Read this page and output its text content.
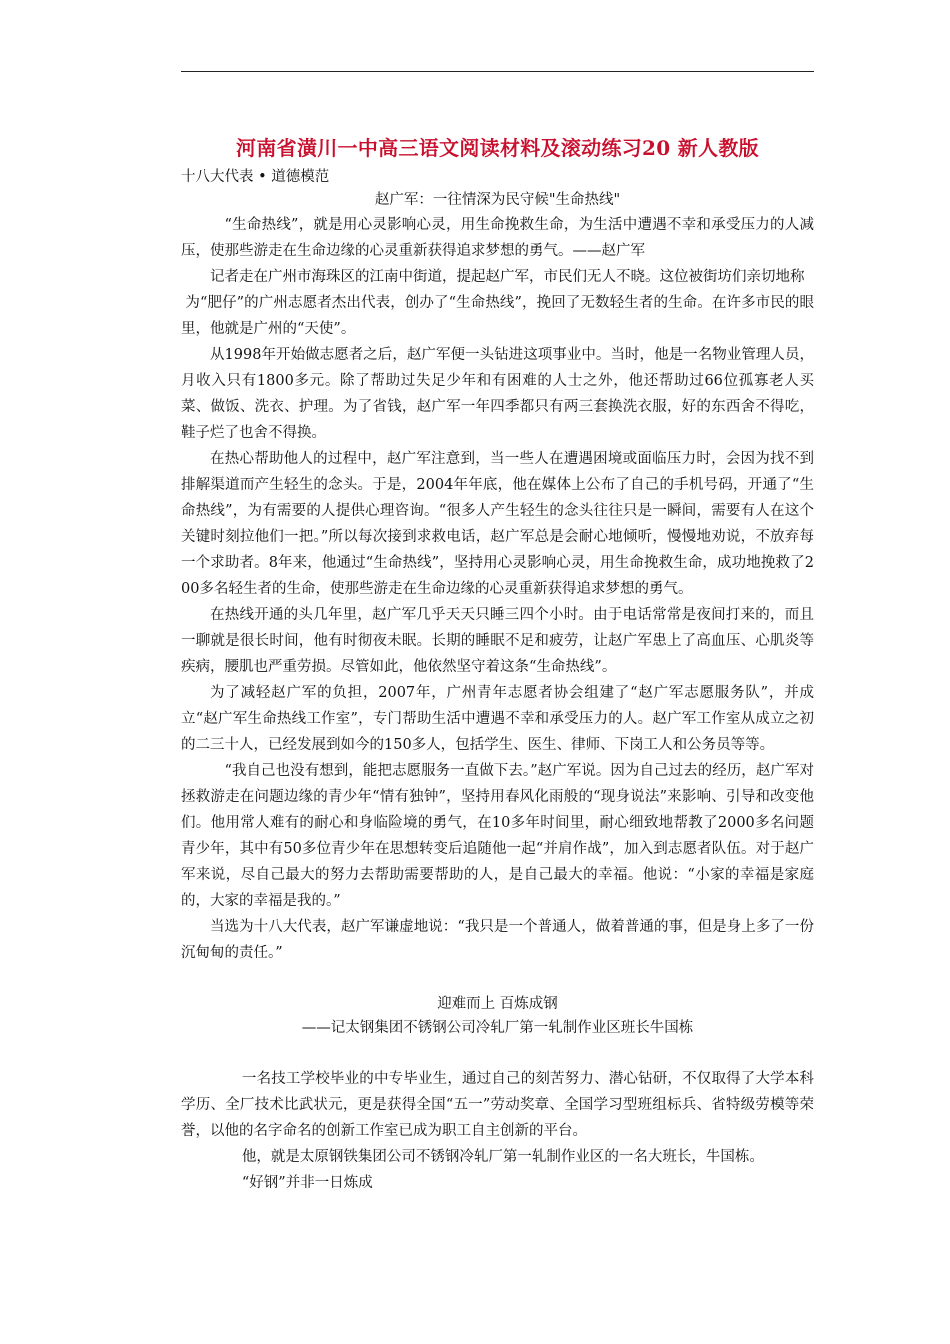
河南省潢川一中高三语文阅读材料及滚动练习20 新人教版

十八大代表 • 道德模范

赵广军：一往情深为民守候"生命热线"

“生命热线”，就是用心灵影响心灵，用生命挽救生命，为生活中遭遇不幸和承受压力的人减压，使那些游走在生命边缘的心灵重新获得追求梦想的勇气。——赵广军

记者走在广州市海珠区的江南中街道，提起赵广军，市民们无人不晓。这位被街坊们亲切地称

为“肥仔”的广州志愿者杰出代表，创办了“生命热线”，挽回了无数轻生者的生命。在许多市民的眼里，他就是广州的“天使”。

从1998年开始做志愿者之后，赵广军便一头钻进这项事业中。当时，他是一名物业管理人员，月收入只有1800多元。除了帮助过失足少年和有困难的人士之外，他还帮助过66位孤寡老人买菜、做饭、洗衣、护理。为了省钱，赵广军一年四季都只有两三套换洗衣服，好的东西舍不得吃，鞋子烂了也舍不得换。

在热心帮助他人的过程中，赵广军注意到，当一些人在遭遇困境或面临压力时，会因为找不到排解渠道而产生轻生的念头。于是，2004年年底，他在媒体上公布了自己的手机号码，开通了“生命热线”，为有需要的人提供心理咨询。“很多人产生轻生的念头往往只是一瞬间，需要有人在这个关键时刻拉他们一把。”所以每次接到求救电话，赵广军总是会耐心地倾听，慢慢地劝说，不放弃每一个求助者。8年来，他通过“生命热线”，坚持用心灵影响心灵，用生命挽救生命，成功地挽救了200多名轻生者的生命，使那些游走在生命边缘的心灵重新获得追求梦想的勇气。

在热线开通的头几年里，赵广军几乎天天只睡三四个小时。由于电话常常是夜间打来的，而且一聊就是很长时间，他有时彻夜未眠。长期的睡眠不足和疲劳，让赵广军患上了高血压、心肌炎等疾病，腰肌也严重劳损。尽管如此，他依然坚守着这条“生命热线”。

为了减轻赵广军的负担，2007年，广州青年志愿者协会组建了“赵广军志愿服务队”，并成立“赵广军生命热线工作室”，专门帮助生活中遭遇不幸和承受压力的人。赵广军工作室从成立之初的二三十人，已经发展到如今的150多人，包括学生、医生、律师、下岗工人和公务员等等。

“我自己也没有想到，能把志愿服务一直做下去。”赵广军说。因为自己过去的经历，赵广军对拯救游走在问题边缘的青少年“情有独钟”，坚持用春风化雨般的“现身说法”来影响、引导和改变他们。他用常人难有的耐心和身临险境的勇气，在10多年时间里，耐心细致地帮教了2000多名问题青少年，其中有50多位青少年在思想转变后追随他一起“并肩作战”，加入到志愿者队伍。对于赵广军来说，尽自己最大的努力去帮助需要帮助的人，是自己最大的幸福。他说：“小家的幸福是家庭的，大家的幸福是我的。”

当选为十八大代表，赵广军谦虚地说：“我只是一个普通人，做着普通的事，但是身上多了一份沉甸甸的责任。”

迎难而上 百炼成钢

——记太钢集团不锈钢公司冷轧厂第一轧制作业区班长牛国栋

一名技工学校毕业的中专毕业生，通过自己的刻苦努力、潜心钻研，不仅取得了大学本科学历、全厂技术比武状元，更是获得全国“五一”劳动奖章、全国学习型班组标兵、省特级劳模等荣誉，以他的名字命名的创新工作室已成为职工自主创新的平台。

他，就是太原钢铁集团公司不锈钢冷轧厂第一轧制作业区的一名大班长，牛国栋。

“好钢”并非一日炼成
